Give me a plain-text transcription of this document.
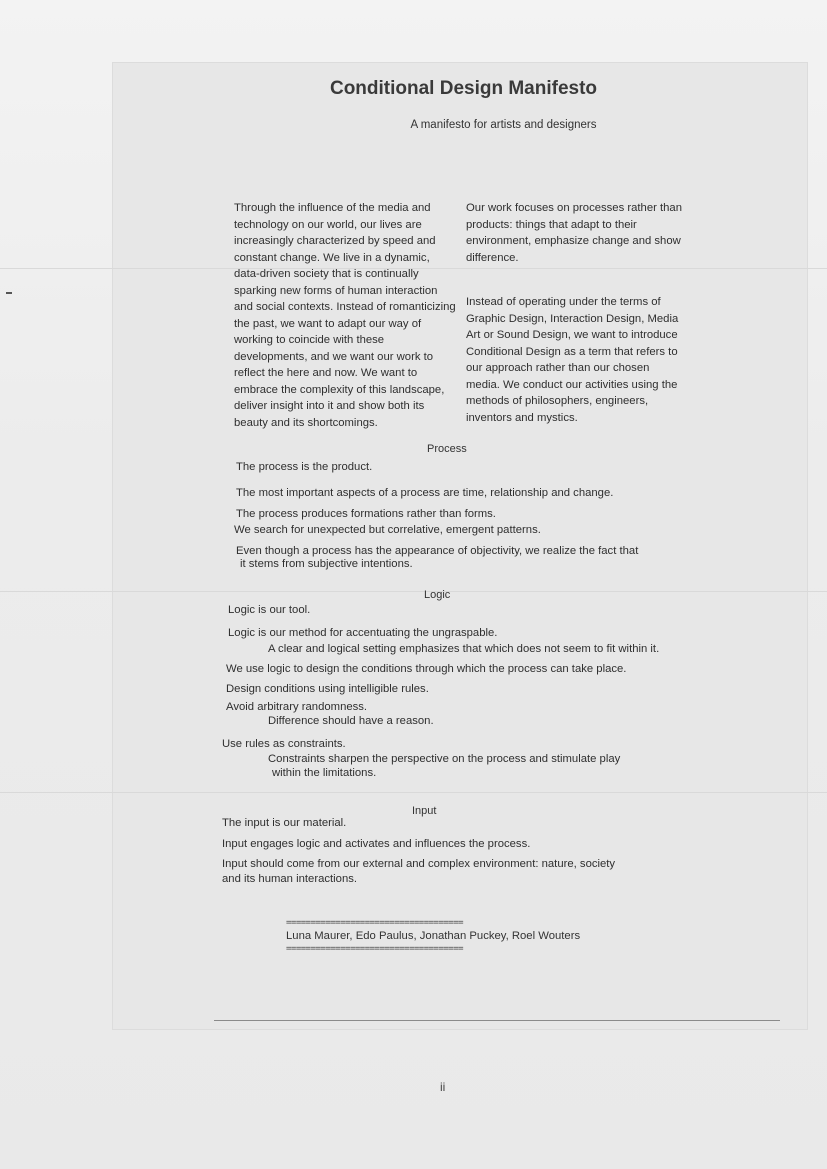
Conditional Design Manifesto
A manifesto for artists and designers

Through the influence of the media and technology on our world, our lives are increasingly characterized by speed and constant change. We live in a dynamic, data-driven society that is continually sparking new forms of human interaction and social contexts. Instead of romanticizing the past, we want to adapt our way of working to coincide with these developments, and we want our work to reflect the here and now. We want to embrace the complexity of this landscape, deliver insight into it and show both its beauty and its shortcomings.

Our work focuses on processes rather than products: things that adapt to their environment, emphasize change and show difference.

Instead of operating under the terms of Graphic Design, Interaction Design, Media Art or Sound Design, we want to introduce Conditional Design as a term that refers to our approach rather than our chosen media. We conduct our activities using the methods of philosophers, engineers, inventors and mystics.

Process
The process is the product.
The most important aspects of a process are time, relationship and change.
The process produces formations rather than forms.
We search for unexpected but correlative, emergent patterns.
Even though a process has the appearance of objectivity, we realize the fact that
it stems from subjective intentions.
Logic
Logic is our tool.
Logic is our method for accentuating the ungraspable.
A clear and logical setting emphasizes that which does not seem to fit within it.
We use logic to design the conditions through which the process can take place.
Design conditions using intelligible rules.
Avoid arbitrary randomness.
Difference should have a reason.
Use rules as constraints.
Constraints sharpen the perspective on the process and stimulate play
within the limitations.
Input
The input is our material.
Input engages logic and activates and influences the process.
Input should come from our external and complex environment: nature, society
and its human interactions.
====================================
Luna Maurer, Edo Paulus, Jonathan Puckey, Roel Wouters
====================================
ii
